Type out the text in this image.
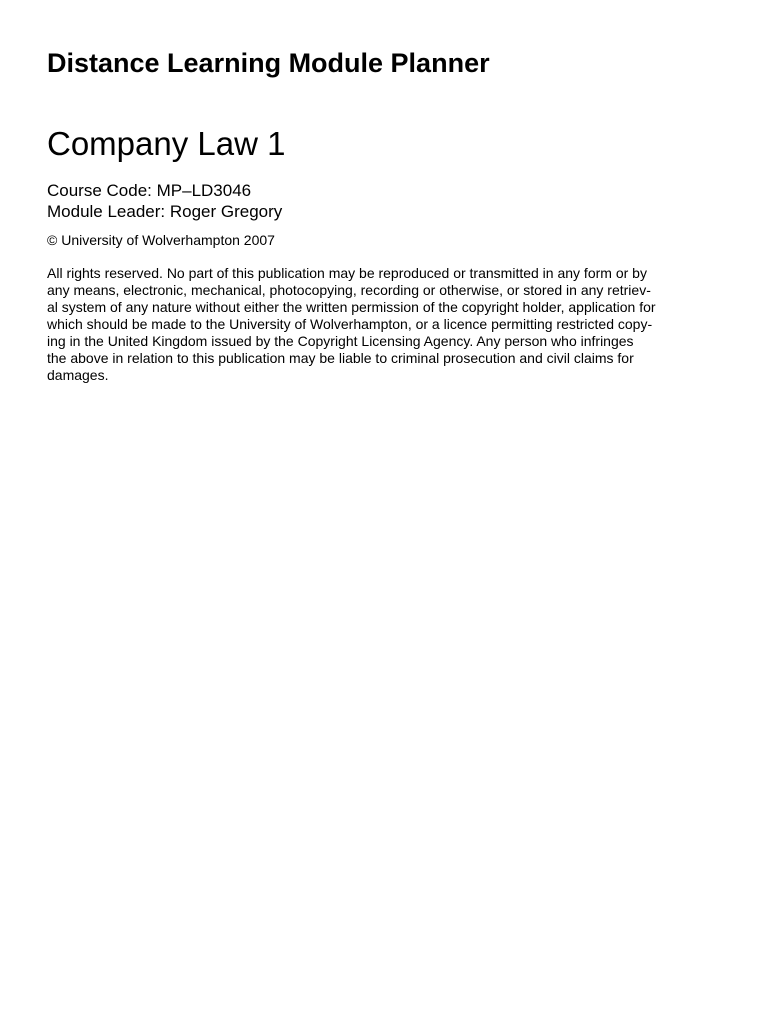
Distance Learning Module Planner
Company Law 1

Course Code: MP–LD3046

Module Leader: Roger Gregory

© University of Wolverhampton 2007

All rights reserved. No part of this publication may be reproduced or transmitted in any form or by
any means, electronic, mechanical, photocopying, recording or otherwise, or stored in any retriev-
al system of any nature without either the written permission of the copyright holder, application for
which should be made to the University of Wolverhampton, or a licence permitting restricted copy-
ing in the United Kingdom issued by the Copyright Licensing Agency. Any person who infringes
the above in relation to this publication may be liable to criminal prosecution and civil claims for
damages.
